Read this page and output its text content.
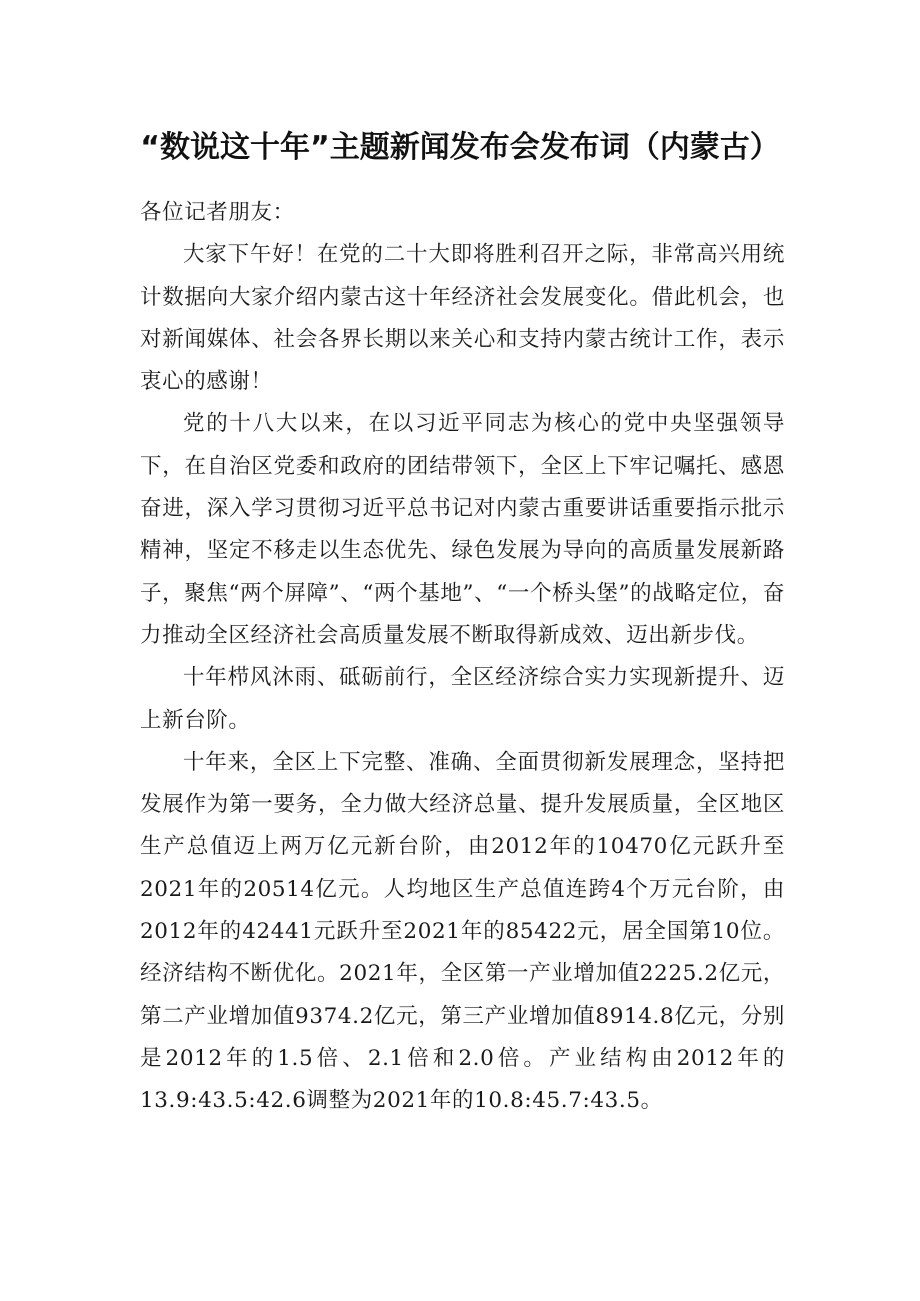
“数说这十年”主题新闻发布会发布词（内蒙古）

各位记者朋友：

大家下午好！在党的二十大即将胜利召开之际，非常高兴用统计数据向大家介绍内蒙古这十年经济社会发展变化。借此机会，也对新闻媒体、社会各界长期以来关心和支持内蒙古统计工作，表示衷心的感谢！

党的十八大以来，在以习近平同志为核心的党中央坚强领导下，在自治区党委和政府的团结带领下，全区上下牢记嘱托、感恩奋进，深入学习贯彻习近平总书记对内蒙古重要讲话重要指示批示精神，坚定不移走以生态优先、绿色发展为导向的高质量发展新路子，聚焦“两个屏障”、“两个基地”、“一个桥头堡”的战略定位，奋力推动全区经济社会高质量发展不断取得新成效、迈出新步伐。

十年栉风沐雨、砥砺前行，全区经济综合实力实现新提升、迈上新台阶。

十年来，全区上下完整、准确、全面贯彻新发展理念，坚持把发展作为第一要务，全力做大经济总量、提升发展质量，全区地区生产总值迈上两万亿元新台阶，由2012年的10470亿元跃升至2021年的20514亿元。人均地区生产总值连跨4个万元台阶，由2012年的42441元跃升至2021年的85422元，居全国第10位。经济结构不断优化。2021年，全区第一产业增加值2225.2亿元，第二产业增加值9374.2亿元，第三产业增加值8914.8亿元，分别是2012年的1.5倍、2.1倍和2.0倍。产业结构由2012年的13.9:43.5:42.6调整为2021年的10.8:45.7:43.5。
